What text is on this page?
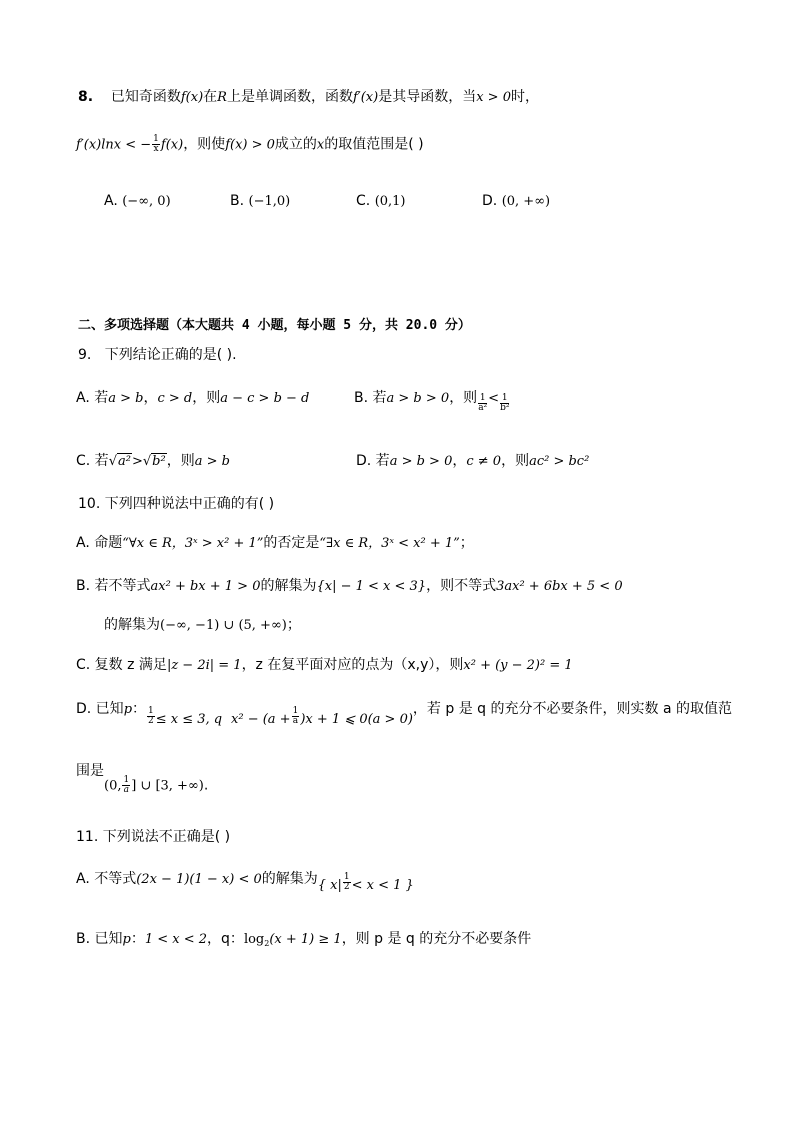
8. 已知奇函数f(x)在R上是单调函数，函数f′(x)是其导函数，当x > 0时，
f′(x)lnx < − $\frac{1}{x} f(x)$，则使f(x) > 0成立的x的取值范围是( )
A. (−∞, 0)	B. (−1,0)	C. (0,1)	D. (0, +∞)
二、多项选择题（本大题共 4 小题，每小题 5 分，共 20.0 分）
9. 下列结论正确的是( ).
A. 若a > b，c > d，则a − c > b − d	B. 若a > b > 0，则 $\frac{1}{\text{a²}} < \frac{1}{\text{b²}}$
C. 若√a²>√b²，则a > b	D. 若a > b > 0，c ≠ 0，则ac² > bc²
10. 下列四种说法中正确的有( )
A. 命题“∀x ∈ R，3ˣ > x² + 1”的否定是“∃x ∈ R，3ˣ < x² + 1”；
B. 若不等式ax² + bx + 1 > 0的解集为{x| − 1 < x < 3}，则不等式3ax² + 6bx + 5 < 0
的解集为(−∞, −1) ∪ (5, +∞)；
C. 复数 z 满足|z − 2i| = 1，z 在复平面对应的点为（x,y），则x² + (y − 2)² = 1
D. 已知p： $\frac{1}{2} \le x \le 3$, q $x^2 - (a + \frac{1}{a} )x + 1$ ⩽ 0(a > 0)，若 p 是 q 的充分不必要条件，则实数 a 的取值范
围是
(0, $\frac{1}{a}$ ] ∪ [3, +∞).
11. 下列说法不正确是( )
A. 不等式(2x − 1)(1 − x) < 0的解集为{ $x| \frac{1}{2} < x < 1$ }
B. 已知p：1 < x < 2，q：$\log_2(x + 1) \ge 1$，则 p 是 q 的充分不必要条件
